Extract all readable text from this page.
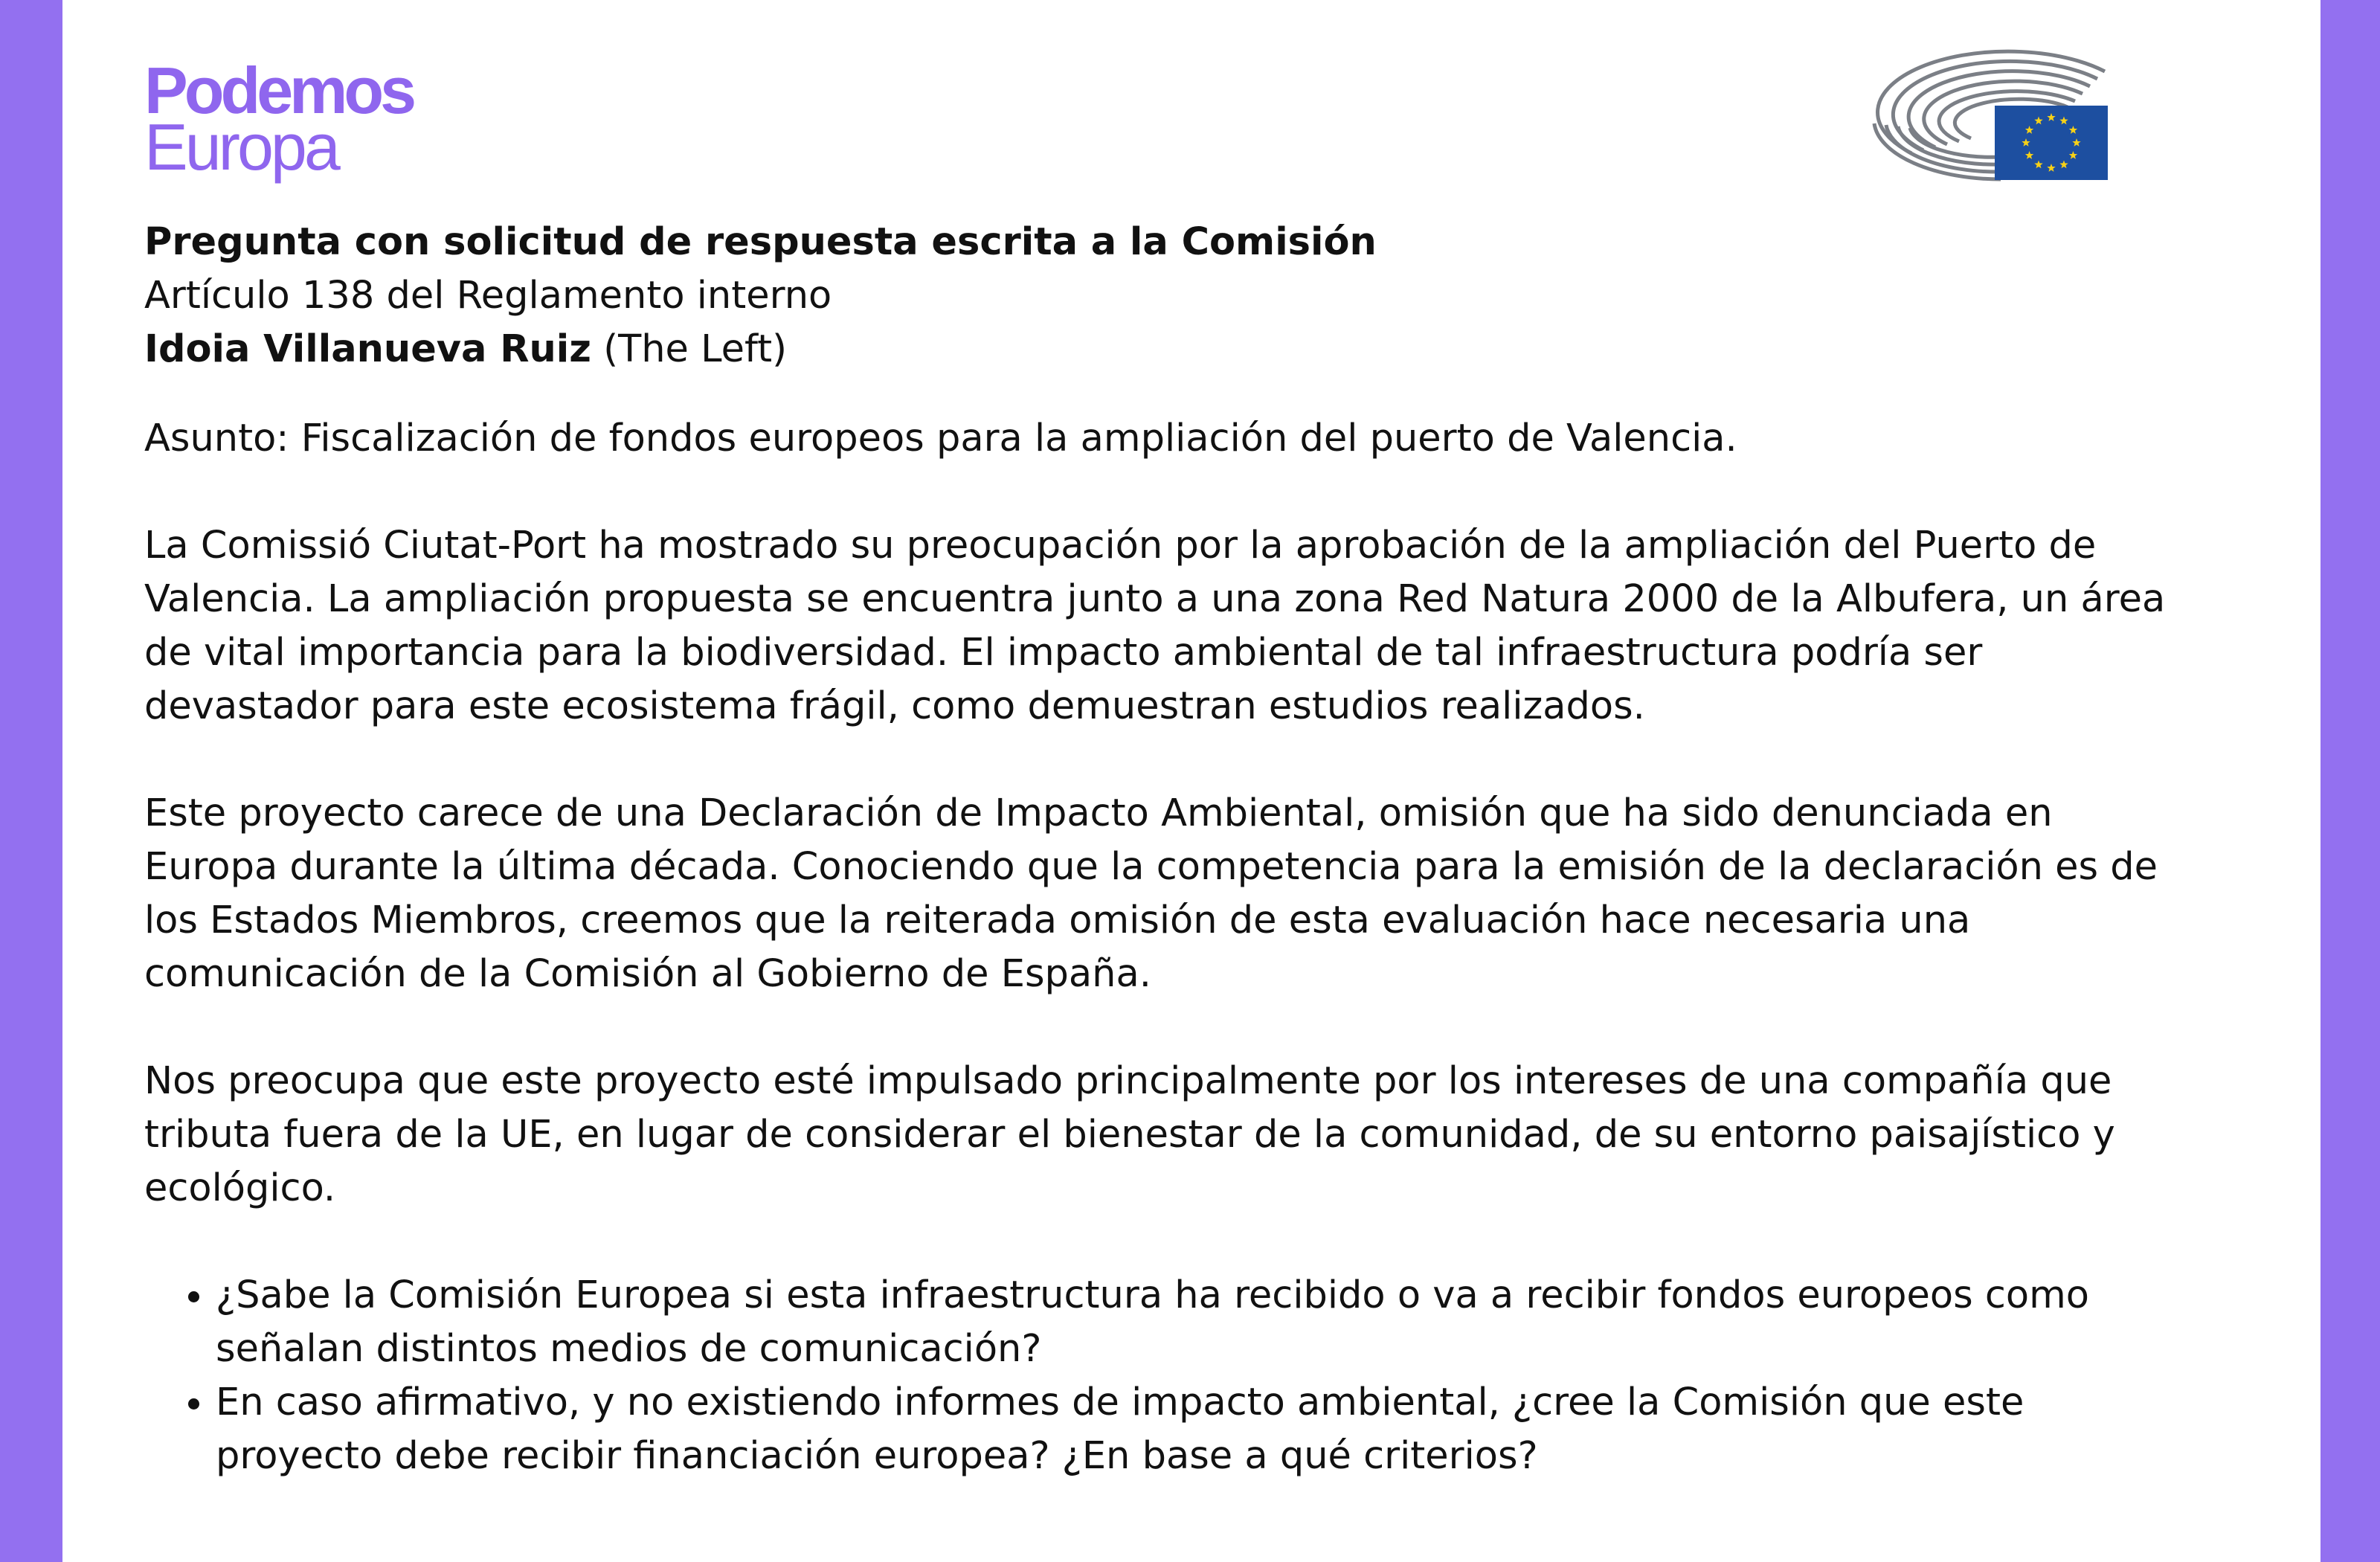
Podemos
Europa
Pregunta con solicitud de respuesta escrita a la Comisión
Artículo 138 del Reglamento interno
Idoia Villanueva Ruiz (The Left)

Asunto: Fiscalización de fondos europeos para la ampliación del puerto de Valencia.

La Comissió Ciutat-Port ha mostrado su preocupación por la aprobación de la ampliación del Puerto de Valencia. La ampliación propuesta se encuentra junto a una zona Red Natura 2000 de la Albufera, un área de vital importancia para la biodiversidad. El impacto ambiental de tal infraestructura podría ser devastador para este ecosistema frágil, como demuestran estudios realizados.

Este proyecto carece de una Declaración de Impacto Ambiental, omisión que ha sido denunciada en Europa durante la última década. Conociendo que la competencia para la emisión de la declaración es de los Estados Miembros, creemos que la reiterada omisión de esta evaluación hace necesaria una comunicación de la Comisión al Gobierno de España.

Nos preocupa que este proyecto esté impulsado principalmente por los intereses de una compañía que tributa fuera de la UE, en lugar de considerar el bienestar de la comunidad, de su entorno paisajístico y ecológico.

• ¿Sabe la Comisión Europea si esta infraestructura ha recibido o va a recibir fondos europeos como señalan distintos medios de comunicación?
• En caso afirmativo, y no existiendo informes de impacto ambiental, ¿cree la Comisión que este proyecto debe recibir financiación europea? ¿En base a qué criterios?
